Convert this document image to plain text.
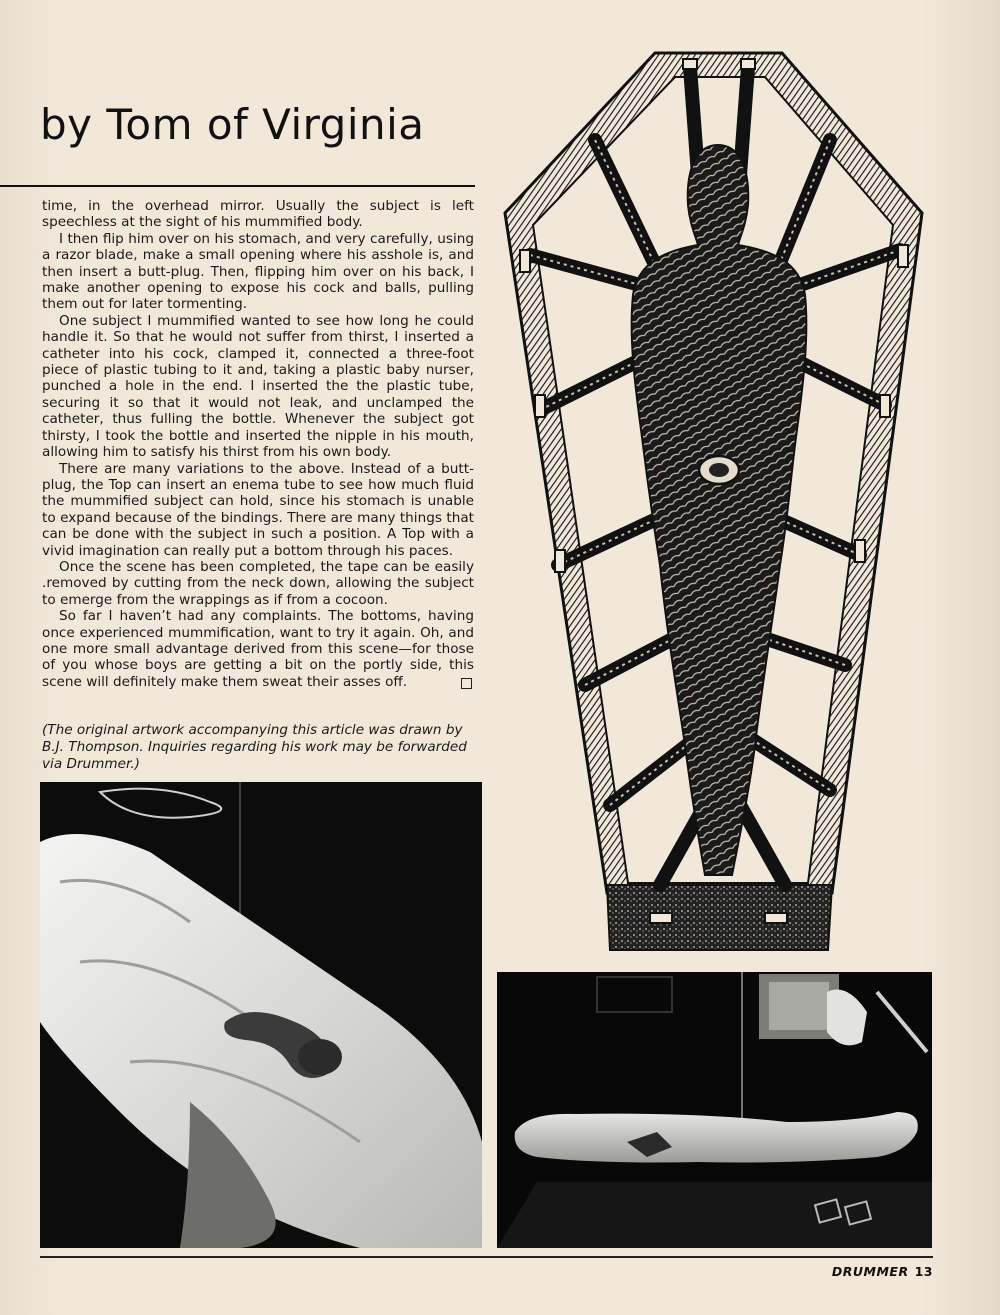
by Tom of Virginia

time, in the overhead mirror. Usually the subject is left speechless at the sight of his mummified body.

I then flip him over on his stomach, and very carefully, using a razor blade, make a small opening where his asshole is, and then insert a butt-plug. Then, flipping him over on his back, I make another opening to expose his cock and balls, pulling them out for later tormenting.

One subject I mummified wanted to see how long he could handle it. So that he would not suffer from thirst, I inserted a catheter into his cock, clamped it, connected a three-foot piece of plastic tubing to it and, taking a plastic baby nurser, punched a hole in the end. I inserted the the plastic tube, securing it so that it would not leak, and unclamped the catheter, thus fulling the bottle. Whenever the subject got thirsty, I took the bottle and inserted the nipple in his mouth, allowing him to satisfy his thirst from his own body.

There are many variations to the above. Instead of a butt-plug, the Top can insert an enema tube to see how much fluid the mummified subject can hold, since his stomach is unable to expand because of the bindings. There are many things that can be done with the subject in such a position. A Top with a vivid imagination can really put a bottom through his paces.

Once the scene has been completed, the tape can be easily .removed by cutting from the neck down, allowing the subject to emerge from the wrappings as if from a cocoon.

So far I haven’t had any complaints. The bottoms, having once experienced mummification, want to try it again. Oh, and one more small advantage derived from this scene—for those of you whose boys are getting a bit on the portly side, this scene will definitely make them sweat their asses off.

(The original artwork accompanying this article was drawn by B.J. Thompson. Inquiries regarding his work may be forwarded via Drummer.)

DRUMMER 13
